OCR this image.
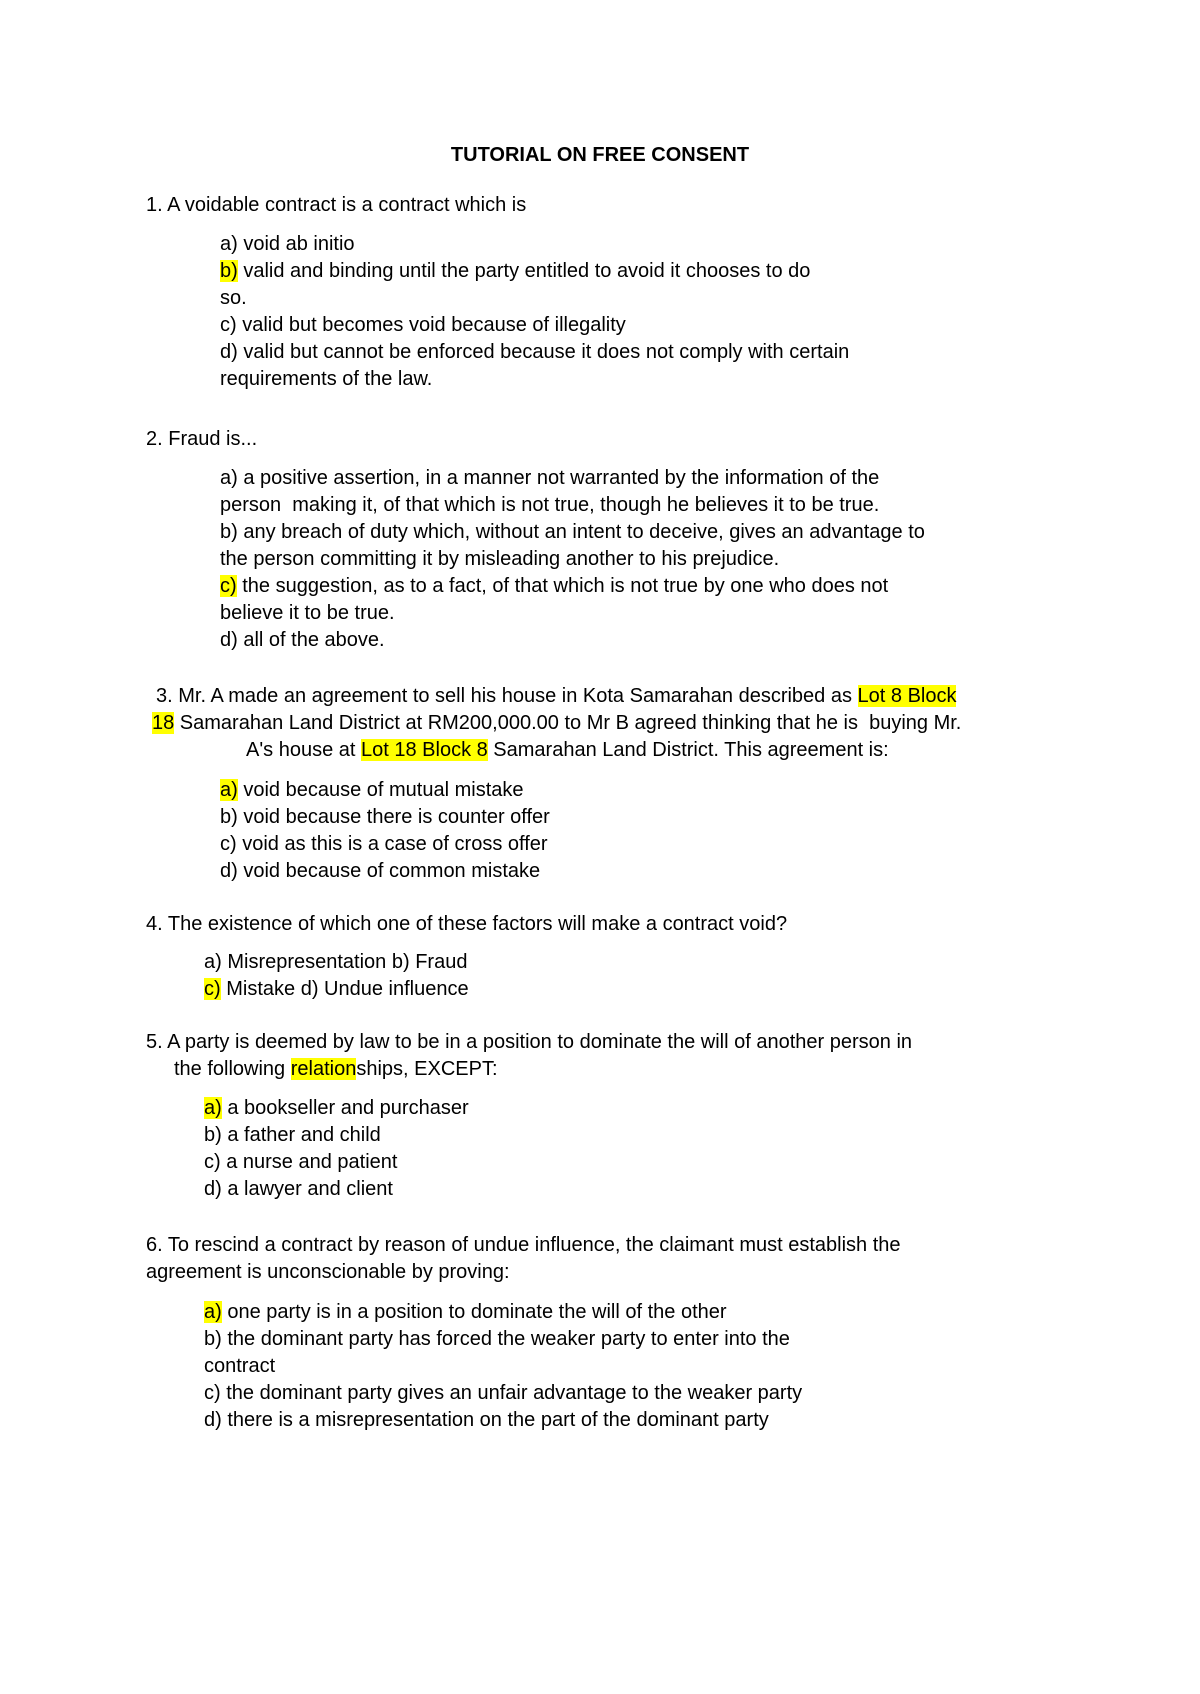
TUTORIAL ON FREE CONSENT
1. A voidable contract is a contract which is
a) void ab initio
b) valid and binding until the party entitled to avoid it chooses to do
so.
c) valid but becomes void because of illegality
d) valid but cannot be enforced because it does not comply with certain
requirements of the law.
2. Fraud is...
a) a positive assertion, in a manner not warranted by the information of the
person  making it, of that which is not true, though he believes it to be true.
b) any breach of duty which, without an intent to deceive, gives an advantage to
the person committing it by misleading another to his prejudice.
c) the suggestion, as to a fact, of that which is not true by one who does not
believe it to be true.
d) all of the above.
3. Mr. A made an agreement to sell his house in Kota Samarahan described as Lot 8 Block
18 Samarahan Land District at RM200,000.00 to Mr B agreed thinking that he is  buying Mr.
A's house at Lot 18 Block 8 Samarahan Land District. This agreement is:
a) void because of mutual mistake
b) void because there is counter offer
c) void as this is a case of cross offer
d) void because of common mistake
4. The existence of which one of these factors will make a contract void?
a) Misrepresentation b) Fraud
c) Mistake d) Undue influence
5. A party is deemed by law to be in a position to dominate the will of another person in
the following relationships, EXCEPT:
a) a bookseller and purchaser
b) a father and child
c) a nurse and patient
d) a lawyer and client
6. To rescind a contract by reason of undue influence, the claimant must establish the
agreement is unconscionable by proving:
a) one party is in a position to dominate the will of the other
b) the dominant party has forced the weaker party to enter into the
contract
c) the dominant party gives an unfair advantage to the weaker party
d) there is a misrepresentation on the part of the dominant party
